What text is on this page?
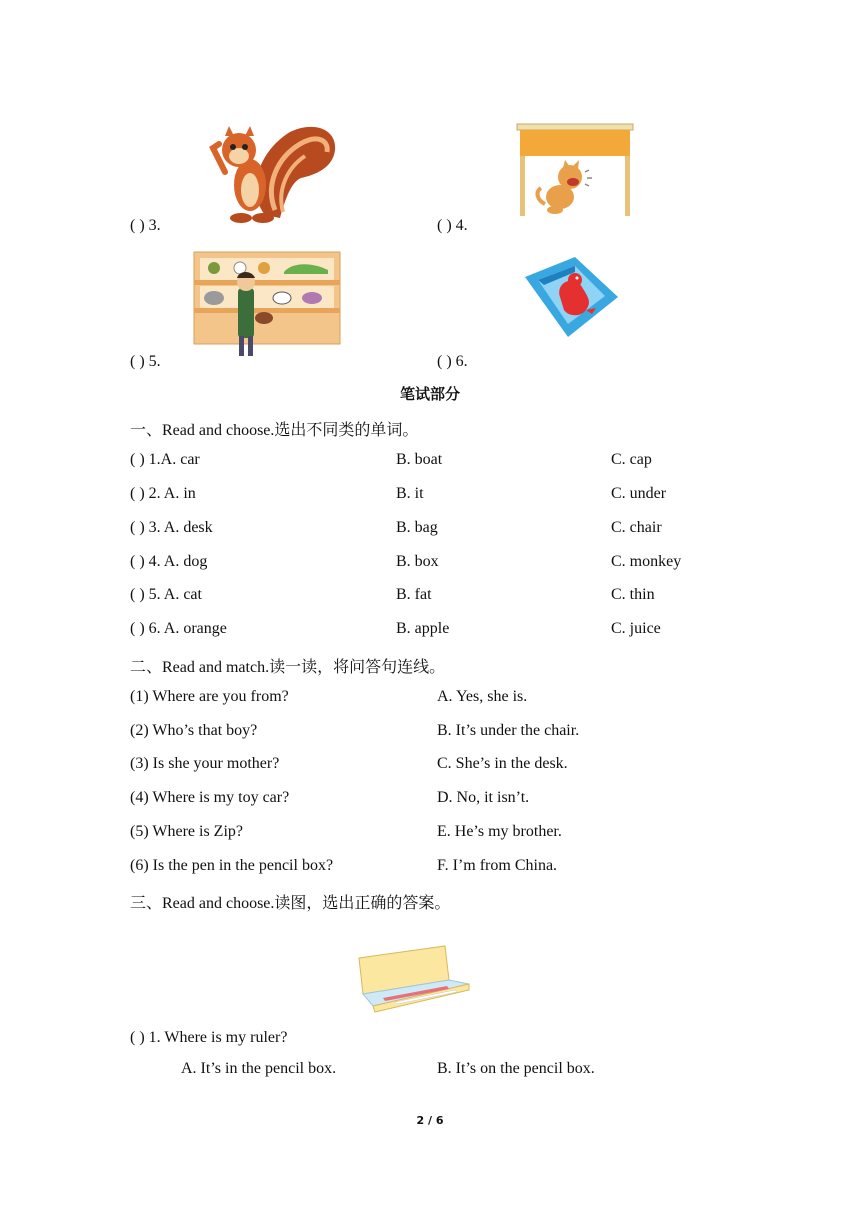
( ) 3.	( ) 4.
( ) 5.	( ) 6.
笔试部分
一、Read and choose.选出不同类的单词。
( ) 1.A. car	B. boat	C. cap
( ) 2. A. in	B. it	C. under
( ) 3. A. desk	B. bag	C. chair
( ) 4. A. dog	B. box	C. monkey
( ) 5. A. cat	B. fat	C. thin
( ) 6. A. orange	B. apple	C. juice
二、Read and match.读一读，将问答句连线。
(1) Where are you from?	A. Yes, she is.
(2) Who’s that boy?	B. It’s under the chair.
(3) Is she your mother?	C. She’s in the desk.
(4) Where is my toy car?	D. No, it isn’t.
(5) Where is Zip?	E. He’s my brother.
(6) Is the pen in the pencil box?	F. I’m from China.
三、Read and choose.读图，选出正确的答案。
( ) 1. Where is my ruler?
A. It’s in the pencil box.	B. It’s on the pencil box.
2 / 6
